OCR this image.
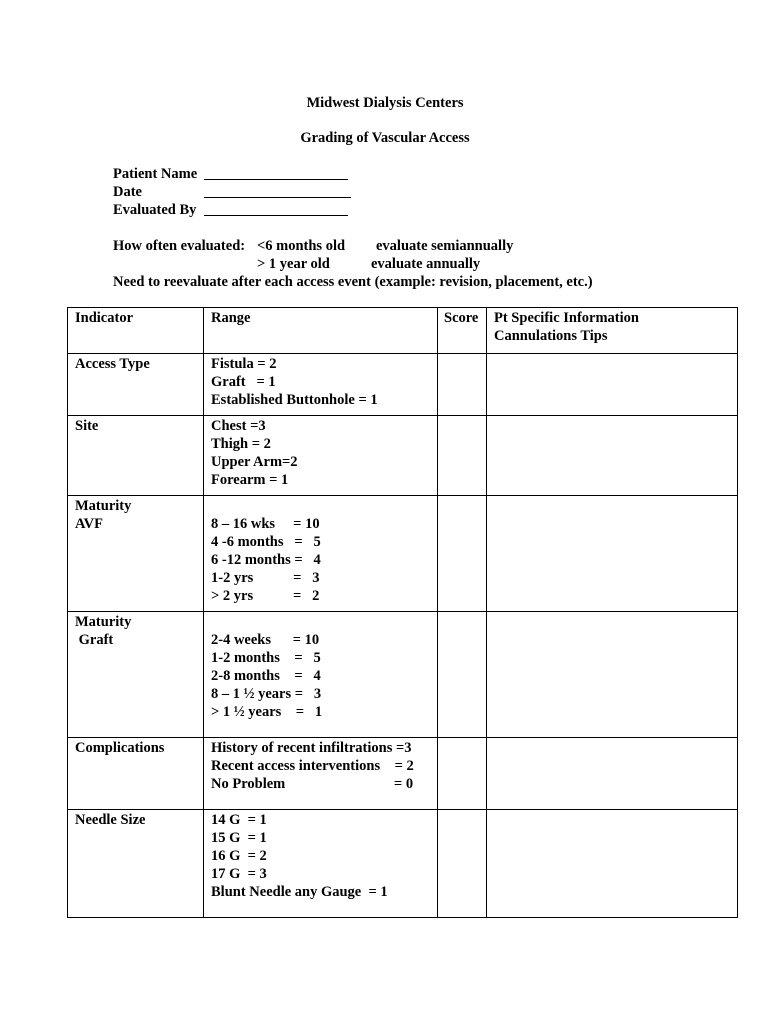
Midwest Dialysis Centers
Grading of Vascular Access
Patient Name
Date
Evaluated By
How often evaluated: <6 months old evaluate semiannually
> 1 year old	evaluate annually
Need to reevaluate after each access event (example: revision, placement, etc.)
Indicator	Range	Score	Pt Specific Information
Cannulations Tips

Access Type	Fistula = 2
Graft   = 1
Established Buttonhole = 1		

Site	Chest =3
Thigh = 2
Upper Arm=2
Forearm = 1		

Maturity
AVF	8 – 16 wks     = 10
4 -6 months   =   5
6 -12 months =   4
1-2 yrs           =   3
> 2 yrs           =   2		

Maturity
Graft	2-4 weeks      = 10
1-2 months    =   5
2-8 months    =   4
8 – 1 ½ years =   3
> 1 ½ years    =   1		

Complications	History of recent infiltrations =3
Recent access interventions    = 2
No Problem                              = 0		

Needle Size	14 G  = 1
15 G  = 1
16 G  = 2
17 G  = 3
Blunt Needle any Gauge  = 1		
